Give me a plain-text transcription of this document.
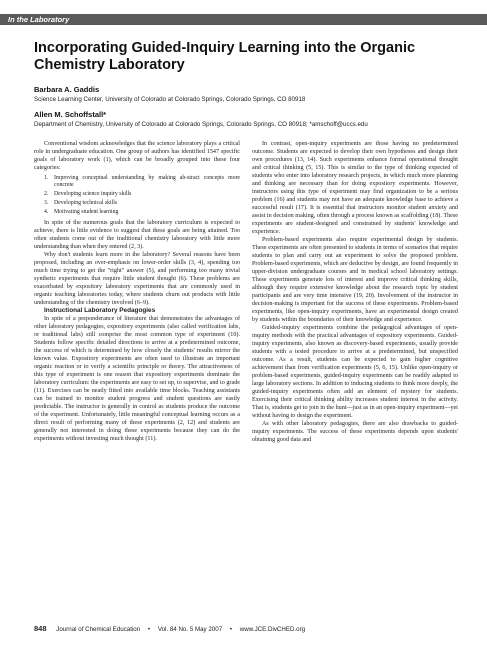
In the Laboratory
Incorporating Guided-Inquiry Learning into the Organic Chemistry Laboratory
Barbara A. Gaddis
Science Learning Center, University of Colorado at Colorado Springs, Colorado Springs, CO 80918
Allen M. Schoffstall*
Department of Chemistry, University of Colorado at Colorado Springs, Colorado Springs, CO 80918; *amschoff@uccs.edu

Conventional wisdom acknowledges that the science laboratory plays a critical role in undergraduate education. One group of authors has identified 1547 specific goals of laboratory work (1), which can be broadly grouped into these four categories:

1. Improving conceptual understanding by making ab-stract concepts more concrete
2. Developing science inquiry skills
3. Developing technical skills
4. Motivating student learning

In spite of the numerous goals that the laboratory curriculum is expected to achieve, there is little evidence to suggest that these goals are being attained. Too often students come out of the traditional chemistry laboratory with little more understanding than when they entered (2, 3).

Why don't students learn more in the laboratory? Several reasons have been proposed, including an over-emphasis on lower-order skills (3, 4), spending too much time trying to get the "right" answer (5), and performing too many trivial synthetic experiments that require little student thought (6). These problems are exacerbated by expository laboratory experiments that are commonly used in organic teaching laboratories today, where students churn out products with little understanding of the chemistry involved (6–9).

Instructional Laboratory Pedagogies

In spite of a preponderance of literature that demonstrates the advantages of other laboratory pedagogies, expository experiments (also called verification labs, or traditional labs) still comprise the most common type of experiment (10). Students follow specific detailed directions to arrive at a predetermined outcome, the success of which is determined by how closely the students' results mirror the known value. Expository experiments are often used to illustrate an important organic reaction or to verify a scientific principle or theory. The attractiveness of this type of experiment is one reason that expository experiments dominate the laboratory curriculum: the experiments are easy to set up, to supervise, and to grade (11). Exercises can be neatly fitted into available time blocks. Teaching assistants can be trained to monitor student progress and student questions are easily predictable. The instructor is generally in control as students produce the outcome of the experiment. Unfortunately, little meaningful conceptual learning occurs as a direct result of performing many of these experiments (2, 12) and students are generally not interested in doing these experiments because they can do the experiments without investing much thought (11).

In contrast, open-inquiry experiments are those having no predetermined outcome. Students are expected to develop their own hypotheses and design their own procedures (13, 14). Such experiments enhance formal operational thought and critical thinking (5, 15). This is similar to the type of thinking expected of students who enter into laboratory research projects, in which much more planning and thinking are necessary than for doing expository experiments. However, instructors using this type of experiment may find organization to be a serious problem (16) and students may not have an adequate knowledge base to achieve a successful result (17). It is essential that instructors monitor student anxiety and assist in decision making, often through a process known as scaffolding (18). These experiments are student-designed and constrained by students' knowledge and experience.

Problem-based experiments also require experimental design by students. These experiments are often presented to students in terms of scenarios that require students to plan and carry out an experiment to solve the proposed problem. Problem-based experiments, which are deductive by design, are found frequently in upper-division undergraduate courses and in medical school laboratory settings. These experiments generate lots of interest and improve critical thinking skills, although they require extensive knowledge about the research topic by student participants and are very time intensive (19, 20). Involvement of the instructor in decision-making is important for the success of these experiments. Problem-based experiments, like open-inquiry experiments, have an experimental design created by students within the boundaries of their knowledge and experience.

Guided-inquiry experiments combine the pedagogical advantages of open-inquiry methods with the practical advantages of expository experiments. Guided-inquiry experiments, also known as discovery-based experiments, usually provide students with a tested procedure to arrive at a predetermined, but unspecified outcome. As a result, students can be expected to gain higher cognitive achievement than from verification experiments (5, 6, 15). Unlike open-inquiry or problem-based experiments, guided-inquiry experiments can be readily adapted to large laboratory sections. In addition to inducing students to think more deeply, the guided-inquiry experiments often add an element of mystery for students. Exercising their critical thinking ability increases student interest in the activity. That is, students get to join in the hunt—just as in an open-inquiry experiment—yet without having to design the experiment.

As with other laboratory pedagogies, there are also drawbacks to guided-inquiry experiments. The success of these experiments depends upon students' obtaining good data and

848 Journal of Chemical Education • Vol. 84 No. 5 May 2007 • www.JCE.DivCHED.org
